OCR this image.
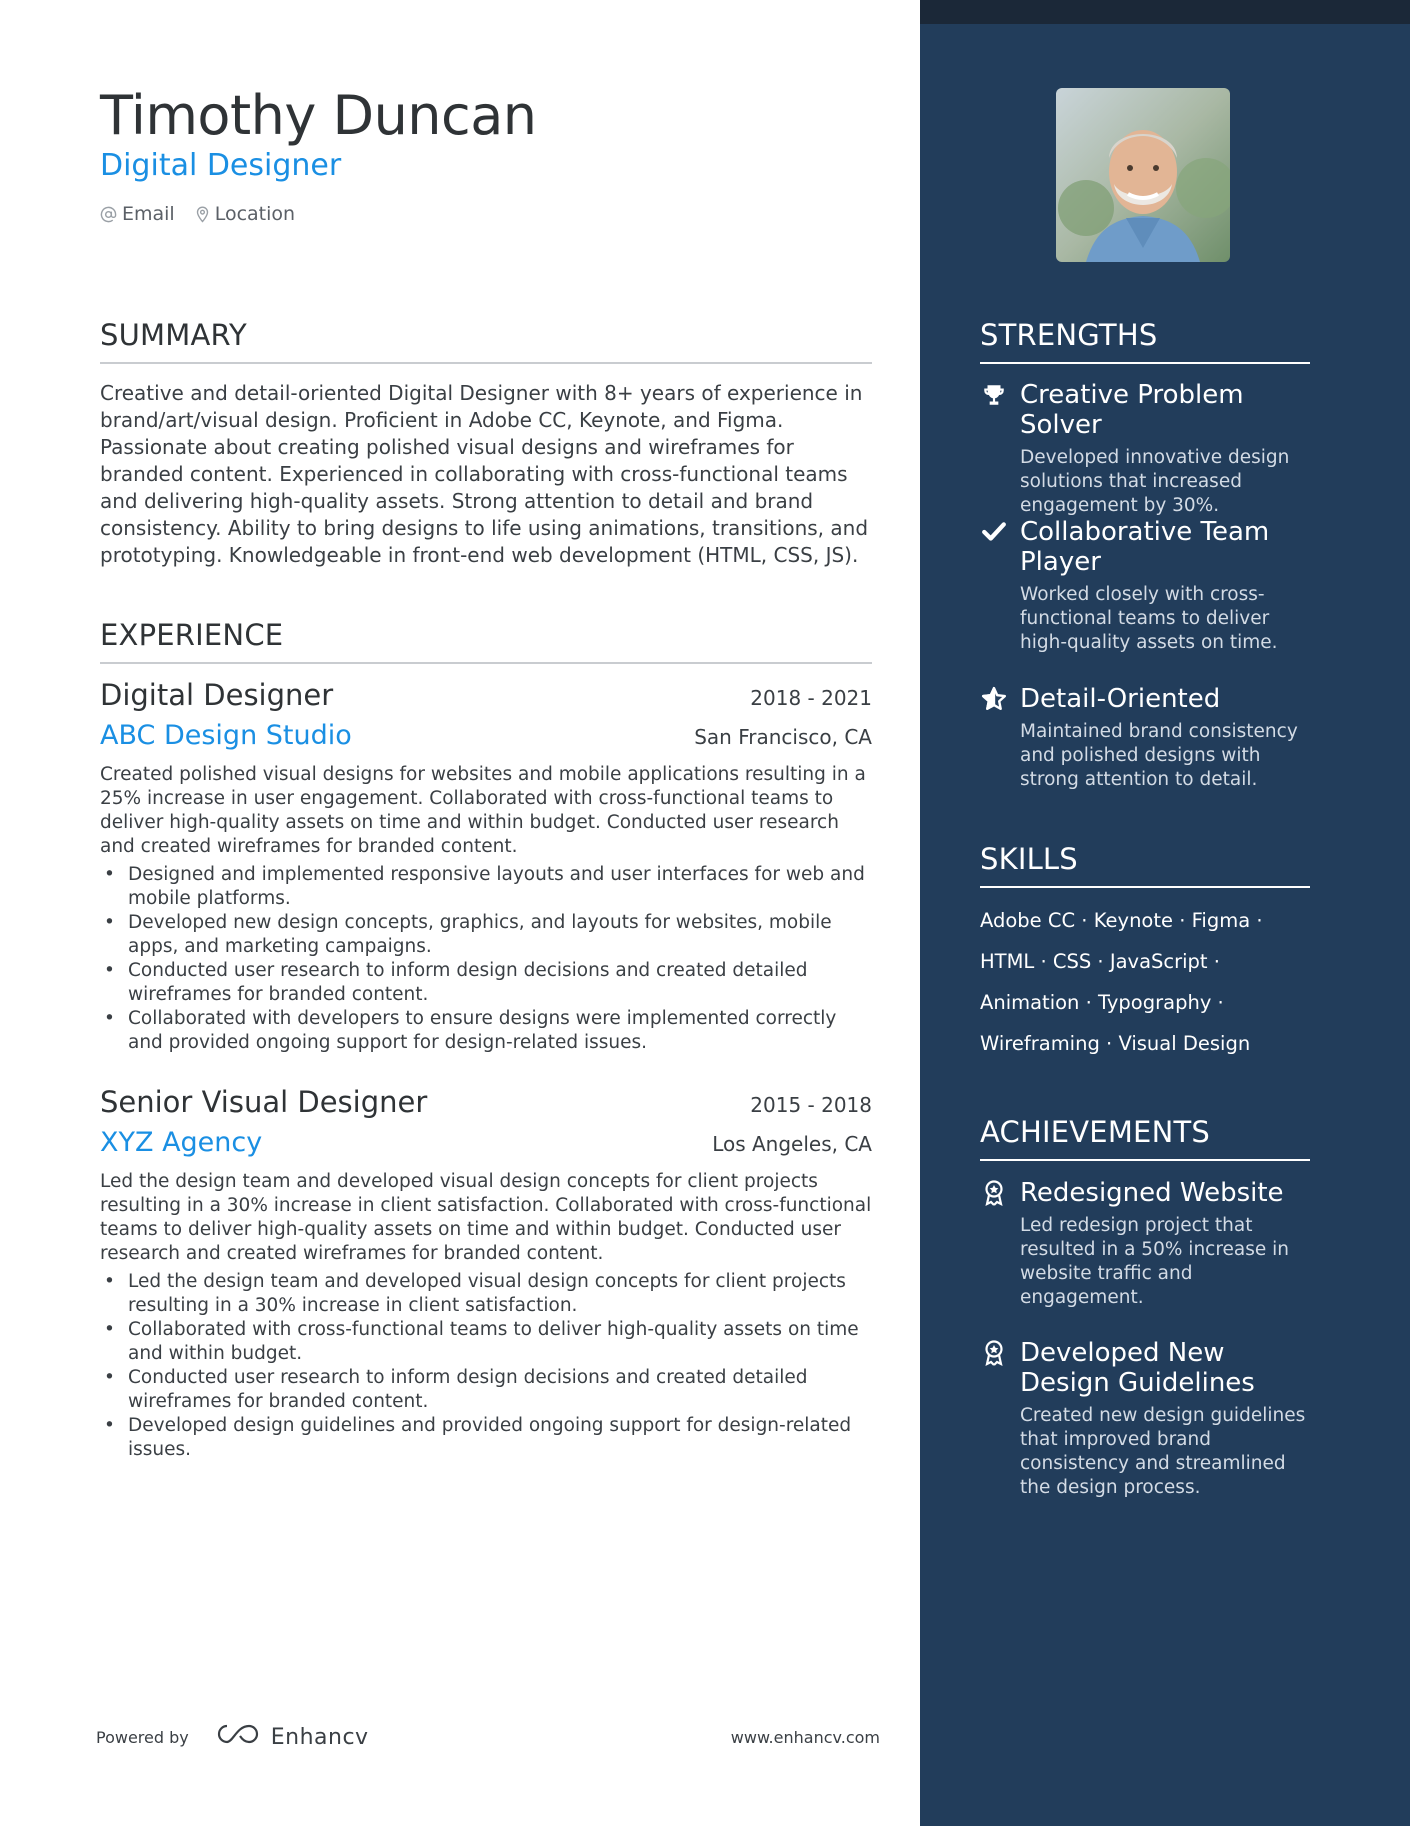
Timothy Duncan
Digital Designer
Email Location
SUMMARY

Creative and detail-oriented Digital Designer with 8+ years of experience in brand/art/visual design. Proficient in Adobe CC, Keynote, and Figma. Passionate about creating polished visual designs and wireframes for branded content. Experienced in collaborating with cross-functional teams and delivering high-quality assets. Strong attention to detail and brand consistency. Ability to bring designs to life using animations, transitions, and prototyping. Knowledgeable in front-end web development (HTML, CSS, JS).

EXPERIENCE
Digital Designer	2018 - 2021
ABC Design Studio	San Francisco, CA

Created polished visual designs for websites and mobile applications resulting in a 25% increase in user engagement. Collaborated with cross-functional teams to deliver high-quality assets on time and within budget. Conducted user research and created wireframes for branded content.

• Designed and implemented responsive layouts and user interfaces for web and mobile platforms.
• Developed new design concepts, graphics, and layouts for websites, mobile apps, and marketing campaigns.
• Conducted user research to inform design decisions and created detailed wireframes for branded content.
• Collaborated with developers to ensure designs were implemented correctly and provided ongoing support for design-related issues.
Senior Visual Designer	2015 - 2018
XYZ Agency	Los Angeles, CA

Led the design team and developed visual design concepts for client projects resulting in a 30% increase in client satisfaction. Collaborated with cross-functional teams to deliver high-quality assets on time and within budget. Conducted user research and created wireframes for branded content.

• Led the design team and developed visual design concepts for client projects resulting in a 30% increase in client satisfaction.
• Collaborated with cross-functional teams to deliver high-quality assets on time and within budget.
• Conducted user research to inform design decisions and created detailed wireframes for branded content.
• Developed design guidelines and provided ongoing support for design-related issues.
Powered by	Enhancv	www.enhancv.com
STRENGTHS
Creative Problem Solver
Developed innovative design solutions that increased engagement by 30%.
Collaborative Team Player
Worked closely with cross-functional teams to deliver high-quality assets on time.
Detail-Oriented
Maintained brand consistency and polished designs with strong attention to detail.
SKILLS
Adobe CC · Keynote · Figma · HTML · CSS · JavaScript · Animation · Typography · Wireframing · Visual Design
ACHIEVEMENTS
Redesigned Website
Led redesign project that resulted in a 50% increase in website traffic and engagement.
Developed New Design Guidelines
Created new design guidelines that improved brand consistency and streamlined the design process.
